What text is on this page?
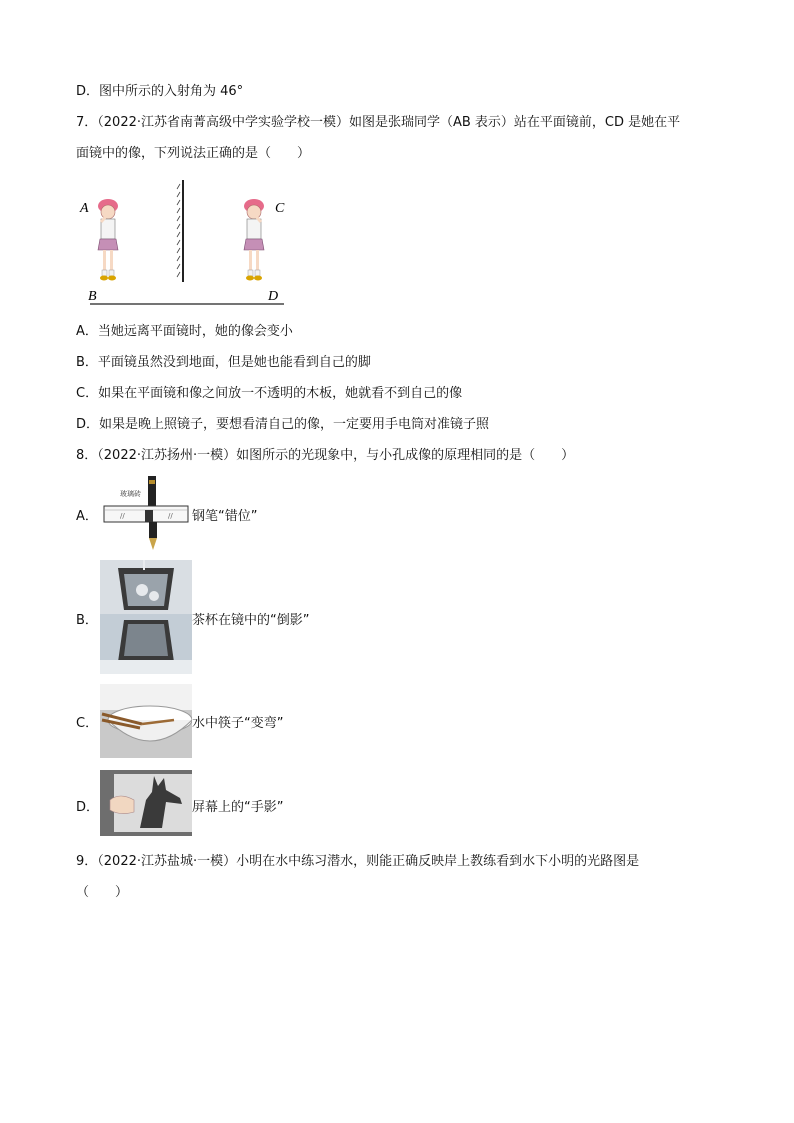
D．图中所示的入射角为 46°
7．（2022·江苏省南菁高级中学实验学校一模）如图是张瑞同学（AB 表示）站在平面镜前，CD 是她在平
面镜中的像，下列说法正确的是（　　）
A
B
C
D
A．当她远离平面镜时，她的像会变小
B．平面镜虽然没到地面，但是她也能看到自己的脚
C．如果在平面镜和像之间放一不透明的木板，她就看不到自己的像
D．如果是晚上照镜子，要想看清自己的像，一定要用手电筒对准镜子照
8．（2022·江苏扬州·一模）如图所示的光现象中，与小孔成像的原理相同的是（　　）
A．	//	//
玻璃砖
钢笔“错位”
B．	茶杯在镜中的“倒影”
C．	水中筷子“变弯”
D．	屏幕上的“手影”
9．（2022·江苏盐城·一模）小明在水中练习潜水，则能正确反映岸上教练看到水下小明的光路图是
（　　）
